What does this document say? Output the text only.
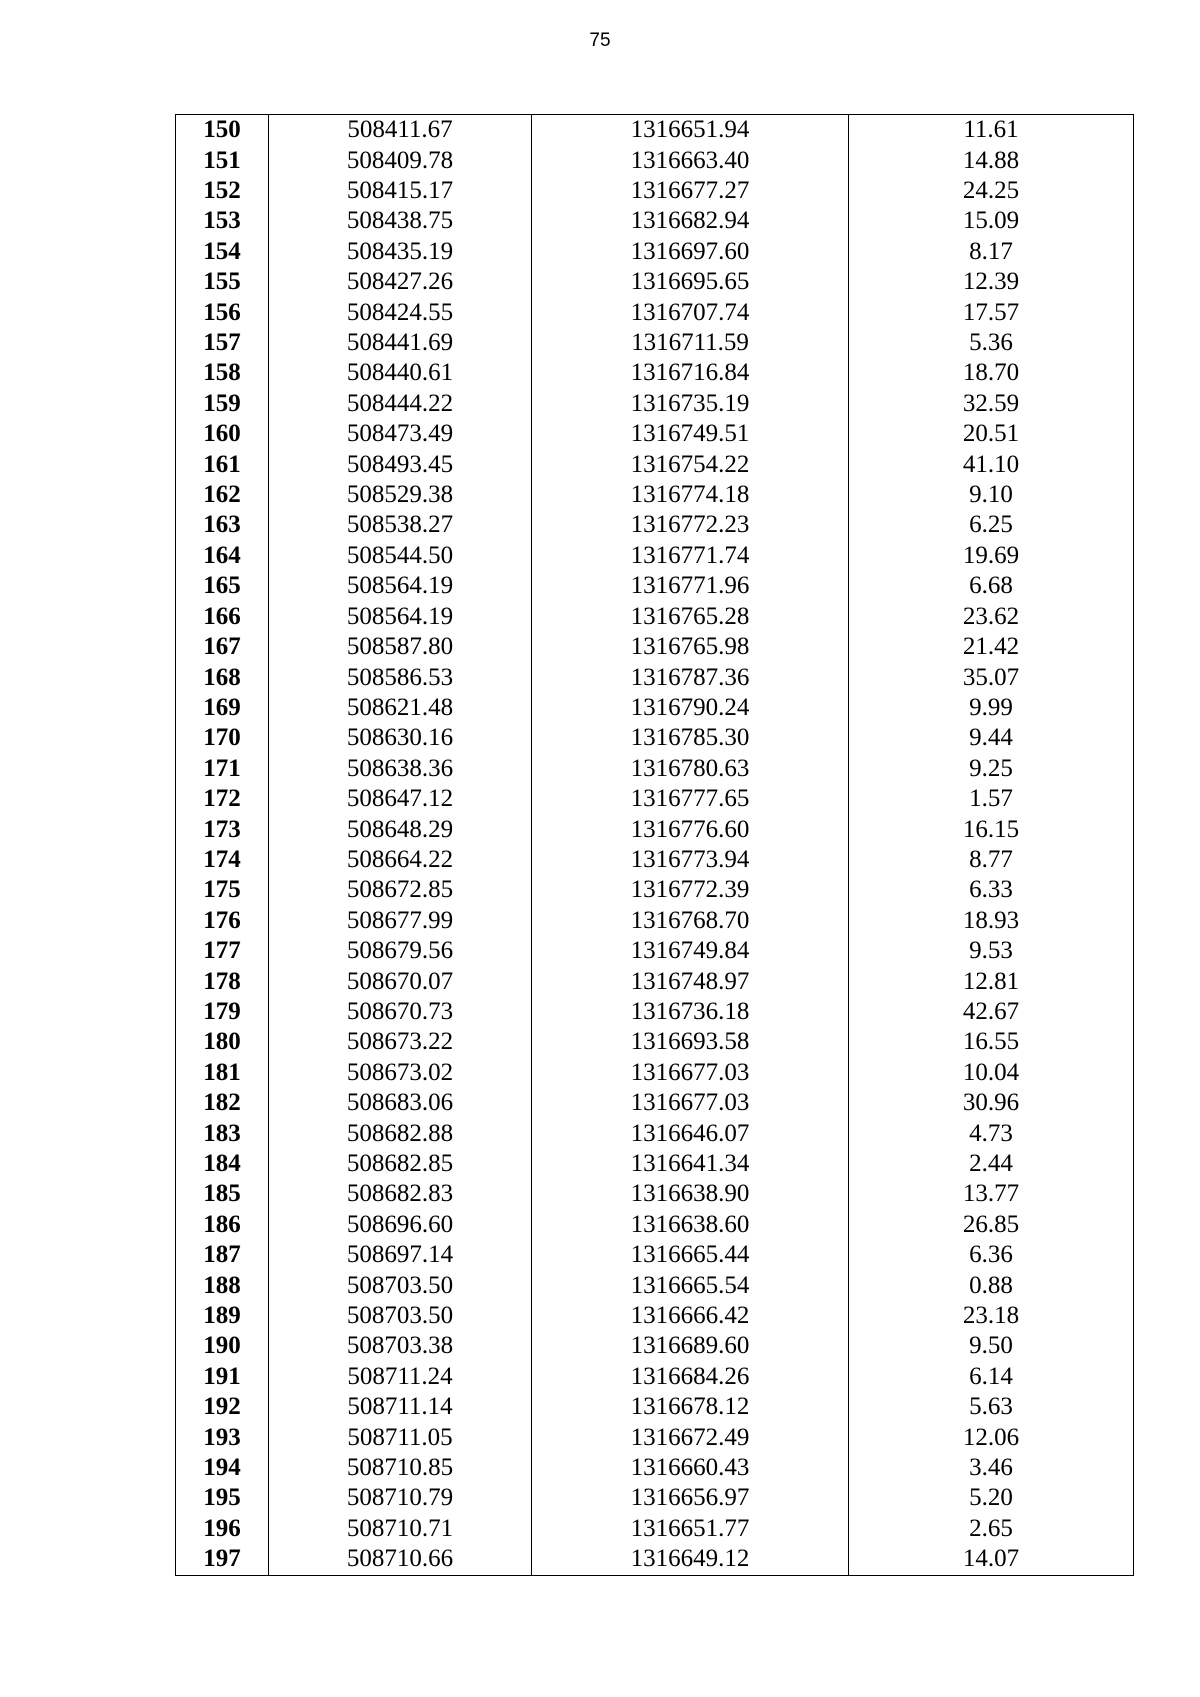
75
150	508411.67	1316651.94	11.61
151	508409.78	1316663.40	14.88
152	508415.17	1316677.27	24.25
153	508438.75	1316682.94	15.09
154	508435.19	1316697.60	8.17
155	508427.26	1316695.65	12.39
156	508424.55	1316707.74	17.57
157	508441.69	1316711.59	5.36
158	508440.61	1316716.84	18.70
159	508444.22	1316735.19	32.59
160	508473.49	1316749.51	20.51
161	508493.45	1316754.22	41.10
162	508529.38	1316774.18	9.10
163	508538.27	1316772.23	6.25
164	508544.50	1316771.74	19.69
165	508564.19	1316771.96	6.68
166	508564.19	1316765.28	23.62
167	508587.80	1316765.98	21.42
168	508586.53	1316787.36	35.07
169	508621.48	1316790.24	9.99
170	508630.16	1316785.30	9.44
171	508638.36	1316780.63	9.25
172	508647.12	1316777.65	1.57
173	508648.29	1316776.60	16.15
174	508664.22	1316773.94	8.77
175	508672.85	1316772.39	6.33
176	508677.99	1316768.70	18.93
177	508679.56	1316749.84	9.53
178	508670.07	1316748.97	12.81
179	508670.73	1316736.18	42.67
180	508673.22	1316693.58	16.55
181	508673.02	1316677.03	10.04
182	508683.06	1316677.03	30.96
183	508682.88	1316646.07	4.73
184	508682.85	1316641.34	2.44
185	508682.83	1316638.90	13.77
186	508696.60	1316638.60	26.85
187	508697.14	1316665.44	6.36
188	508703.50	1316665.54	0.88
189	508703.50	1316666.42	23.18
190	508703.38	1316689.60	9.50
191	508711.24	1316684.26	6.14
192	508711.14	1316678.12	5.63
193	508711.05	1316672.49	12.06
194	508710.85	1316660.43	3.46
195	508710.79	1316656.97	5.20
196	508710.71	1316651.77	2.65
197	508710.66	1316649.12	14.07
